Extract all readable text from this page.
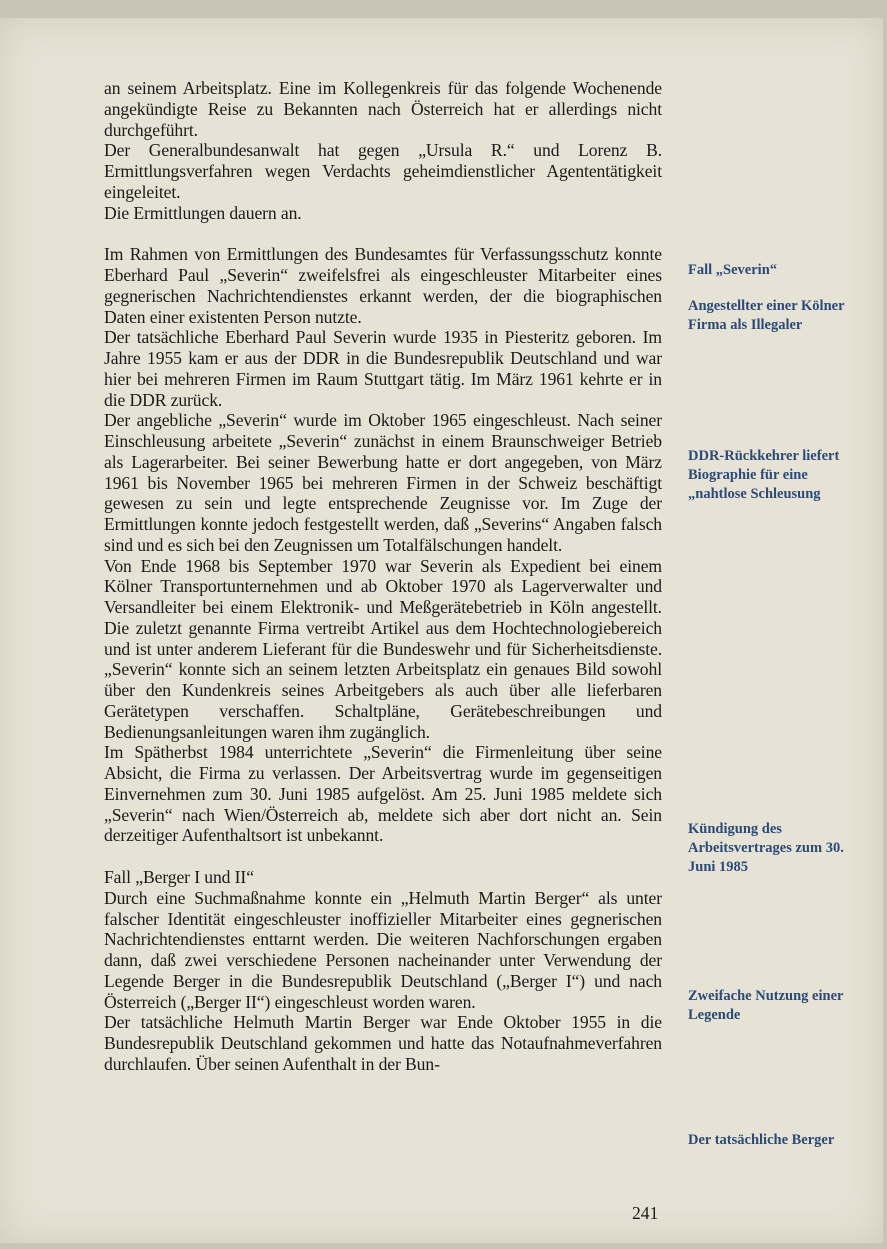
an seinem Arbeitsplatz. Eine im Kollegenkreis für das folgende Wochenende angekündigte Reise zu Bekannten nach Österreich hat er allerdings nicht durchgeführt.

Der Generalbundesanwalt hat gegen „Ursula R.“ und Lorenz B. Ermittlungsverfahren wegen Verdachts geheimdienstlicher Agententätigkeit eingeleitet.

Die Ermittlungen dauern an.

Im Rahmen von Ermittlungen des Bundesamtes für Verfassungsschutz konnte Eberhard Paul „Severin“ zweifelsfrei als eingeschleuster Mitarbeiter eines gegnerischen Nachrichtendienstes erkannt werden, der die biographischen Daten einer existenten Person nutzte.

Der tatsächliche Eberhard Paul Severin wurde 1935 in Piesteritz geboren. Im Jahre 1955 kam er aus der DDR in die Bundesrepublik Deutschland und war hier bei mehreren Firmen im Raum Stuttgart tätig. Im März 1961 kehrte er in die DDR zurück.

Der angebliche „Severin“ wurde im Oktober 1965 eingeschleust. Nach seiner Einschleusung arbeitete „Severin“ zunächst in einem Braunschweiger Betrieb als Lagerarbeiter. Bei seiner Bewerbung hatte er dort angegeben, von März 1961 bis November 1965 bei mehreren Firmen in der Schweiz beschäftigt gewesen zu sein und legte entsprechende Zeugnisse vor. Im Zuge der Ermittlungen konnte jedoch festgestellt werden, daß „Severins“ Angaben falsch sind und es sich bei den Zeugnissen um Totalfälschungen handelt.

Von Ende 1968 bis September 1970 war Severin als Expedient bei einem Kölner Transportunternehmen und ab Oktober 1970 als Lagerverwalter und Versandleiter bei einem Elektronik- und Meßgerätebetrieb in Köln angestellt. Die zuletzt genannte Firma vertreibt Artikel aus dem Hochtechnologiebereich und ist unter anderem Lieferant für die Bundeswehr und für Sicherheitsdienste. „Severin“ konnte sich an seinem letzten Arbeitsplatz ein genaues Bild sowohl über den Kundenkreis seines Arbeitgebers als auch über alle lieferbaren Gerätetypen verschaffen. Schaltpläne, Gerätebeschreibungen und Bedienungsanleitungen waren ihm zugänglich.

Im Spätherbst 1984 unterrichtete „Severin“ die Firmenleitung über seine Absicht, die Firma zu verlassen. Der Arbeitsvertrag wurde im gegenseitigen Einvernehmen zum 30. Juni 1985 aufgelöst. Am 25. Juni 1985 meldete sich „Severin“ nach Wien/Österreich ab, meldete sich aber dort nicht an. Sein derzeitiger Aufenthaltsort ist unbekannt.

Fall „Berger I und II“

Durch eine Suchmaßnahme konnte ein „Helmuth Martin Berger“ als unter falscher Identität eingeschleuster inoffizieller Mitarbeiter eines gegnerischen Nachrichtendienstes enttarnt werden. Die weiteren Nachforschungen ergaben dann, daß zwei verschiedene Personen nacheinander unter Verwendung der Legende Berger in die Bundesrepublik Deutschland („Berger I“) und nach Österreich („Berger II“) eingeschleust worden waren.

Der tatsächliche Helmuth Martin Berger war Ende Oktober 1955 in die Bundesrepublik Deutschland gekommen und hatte das Notaufnahmeverfahren durchlaufen. Über seinen Aufenthalt in der Bun-

Fall „Severin“
Angestellter einer Kölner Firma als Illegaler
DDR-Rückkehrer liefert Biographie für eine „nahtlose Schleusung
Kündigung des Arbeitsvertrages zum 30. Juni 1985
Zweifache Nutzung einer Legende
Der tatsächliche Berger
241
